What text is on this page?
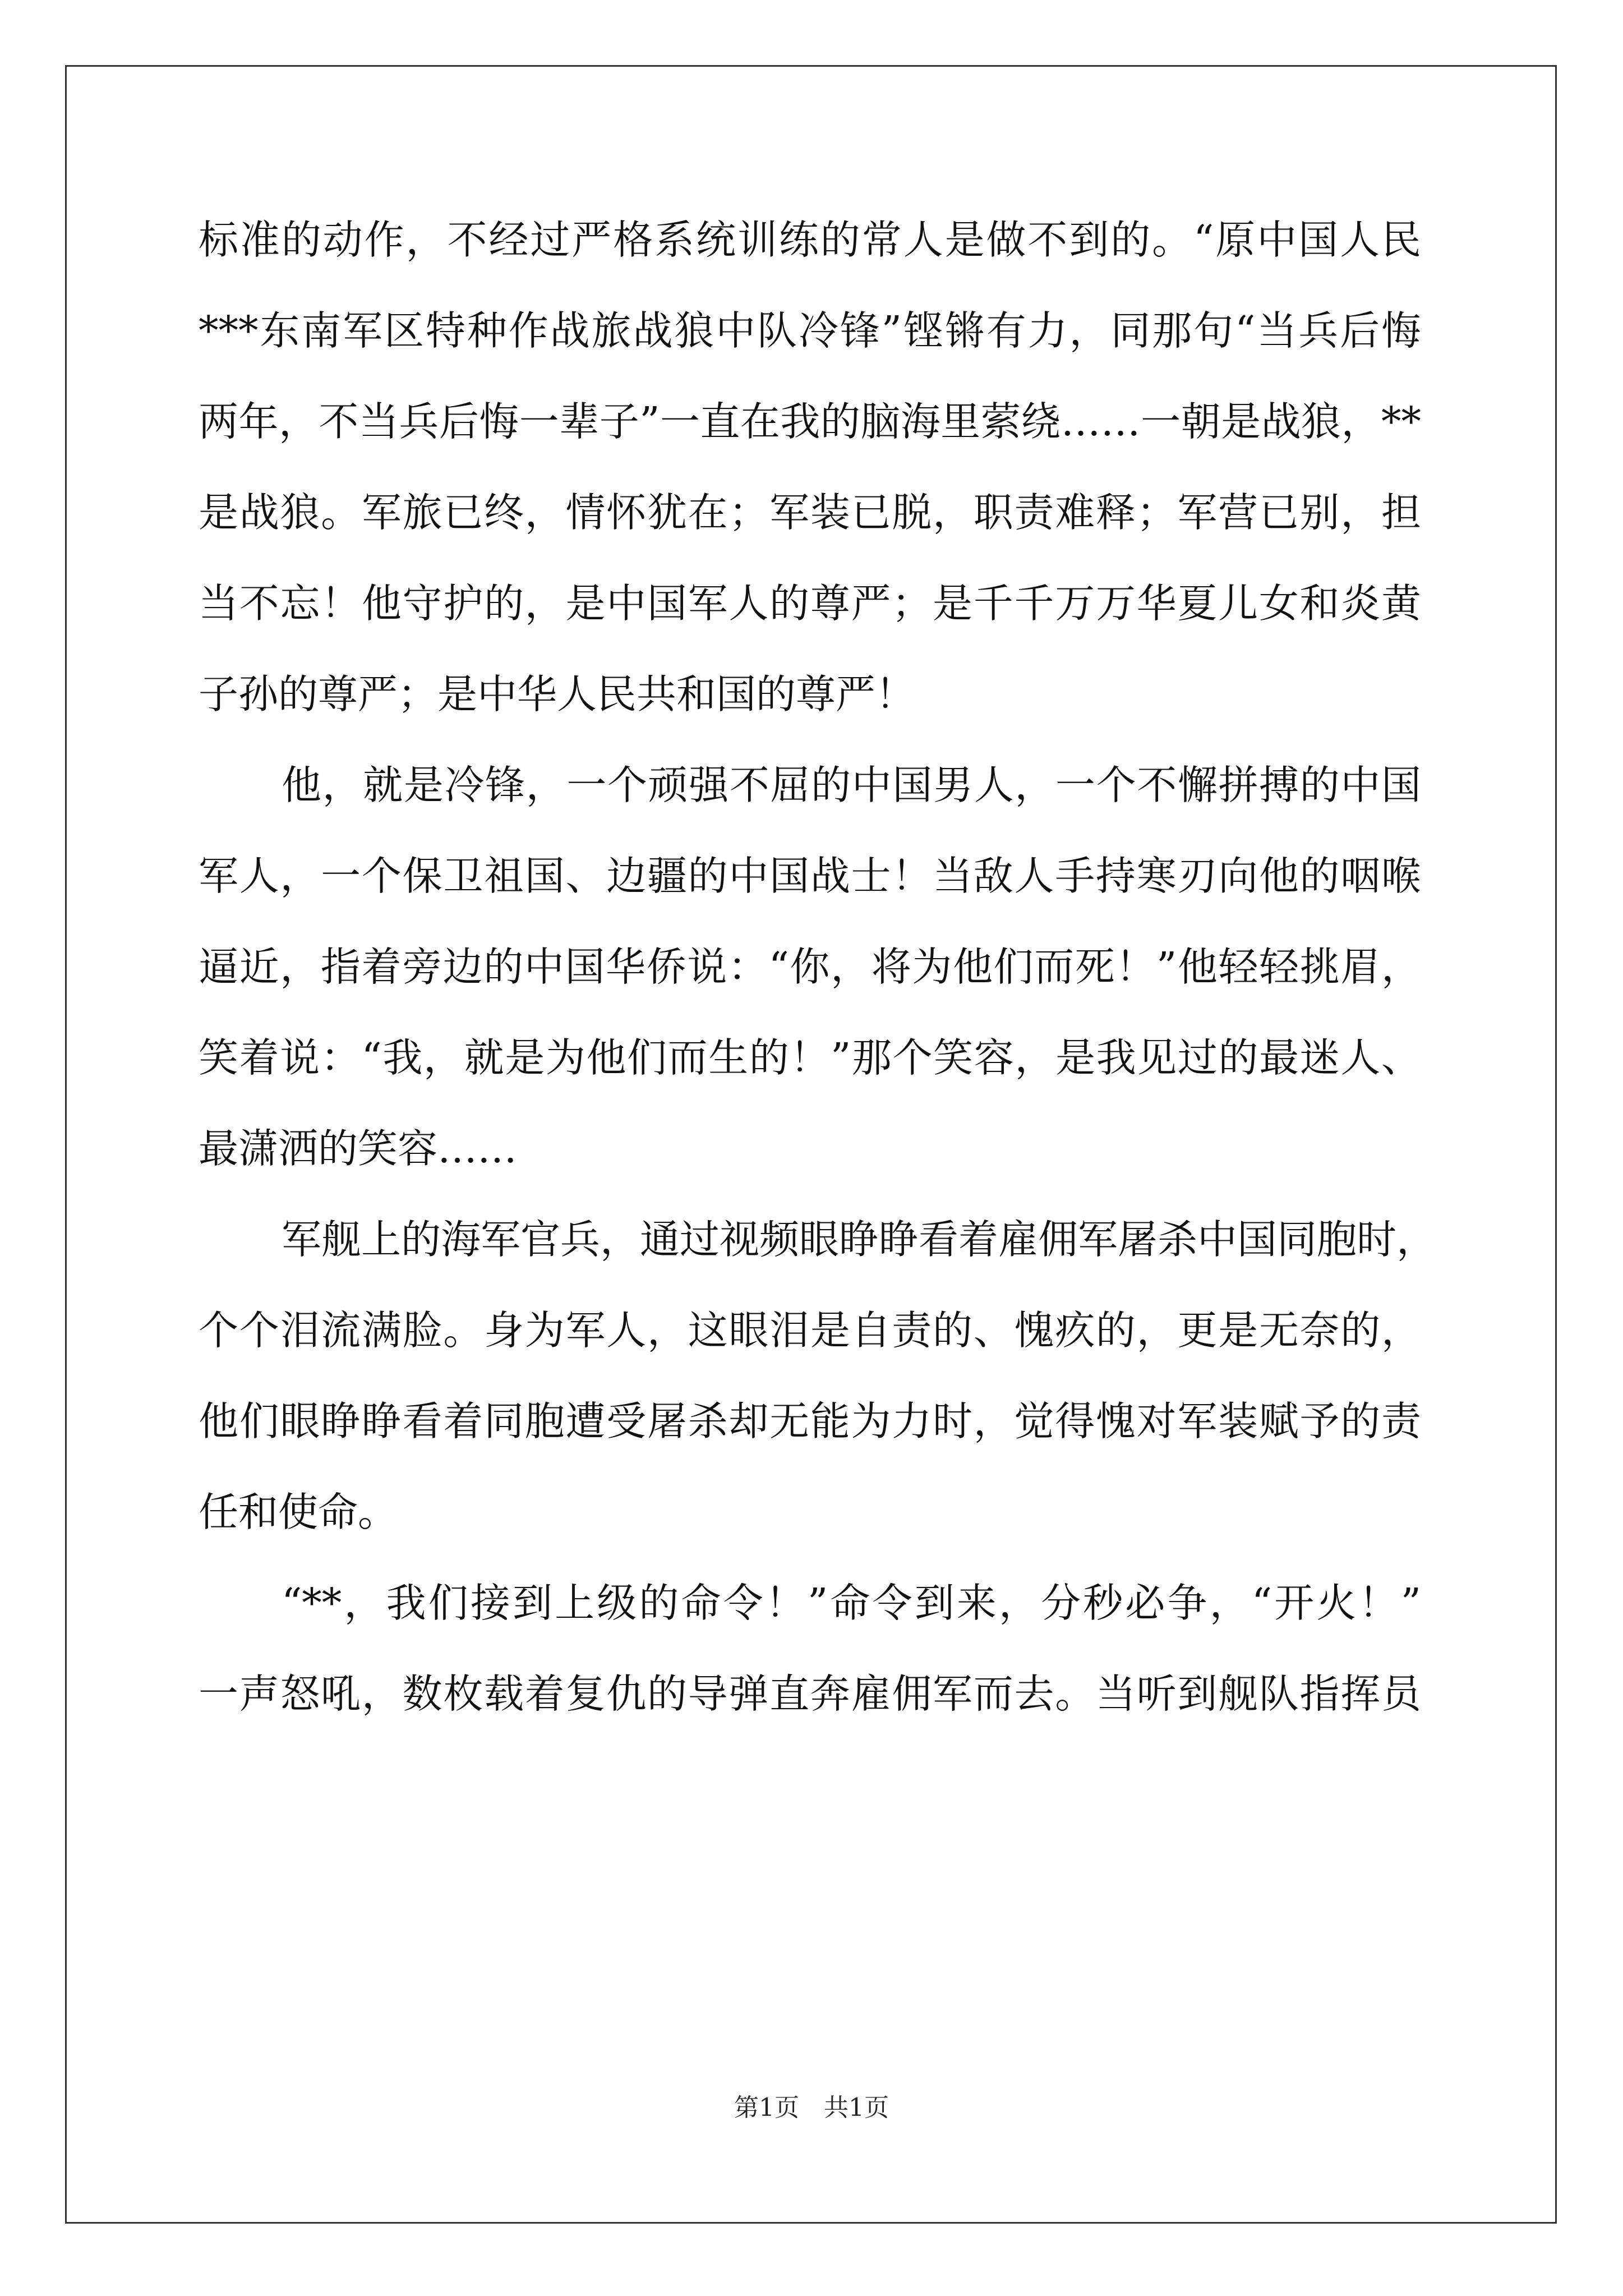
标准的动作，不经过严格系统训练的常人是做不到的。“原中国人民
***东南军区特种作战旅战狼中队冷锋”铿锵有力，同那句“当兵后悔
两年，不当兵后悔一辈子”一直在我的脑海里萦绕……一朝是战狼，**
是战狼。军旅已终，情怀犹在；军装已脱，职责难释；军营已别，担
当不忘！他守护的，是中国军人的尊严；是千千万万华夏儿女和炎黄
子孙的尊严；是中华人民共和国的尊严！
他，就是冷锋，一个顽强不屈的中国男人，一个不懈拼搏的中国
军人，一个保卫祖国、边疆的中国战士！当敌人手持寒刃向他的咽喉
逼近，指着旁边的中国华侨说：“你，将为他们而死！”他轻轻挑眉，
笑着说：“我，就是为他们而生的！”那个笑容，是我见过的最迷人、
最潇洒的笑容……
军舰上的海军官兵，通过视频眼睁睁看着雇佣军屠杀中国同胞时，
个个泪流满脸。身为军人，这眼泪是自责的、愧疚的，更是无奈的，
他们眼睁睁看着同胞遭受屠杀却无能为力时，觉得愧对军装赋予的责
任和使命。
“**，我们接到上级的命令！”命令到来，分秒必争，“开火！”
一声怒吼，数枚载着复仇的导弹直奔雇佣军而去。当听到舰队指挥员
第1页　共1页
